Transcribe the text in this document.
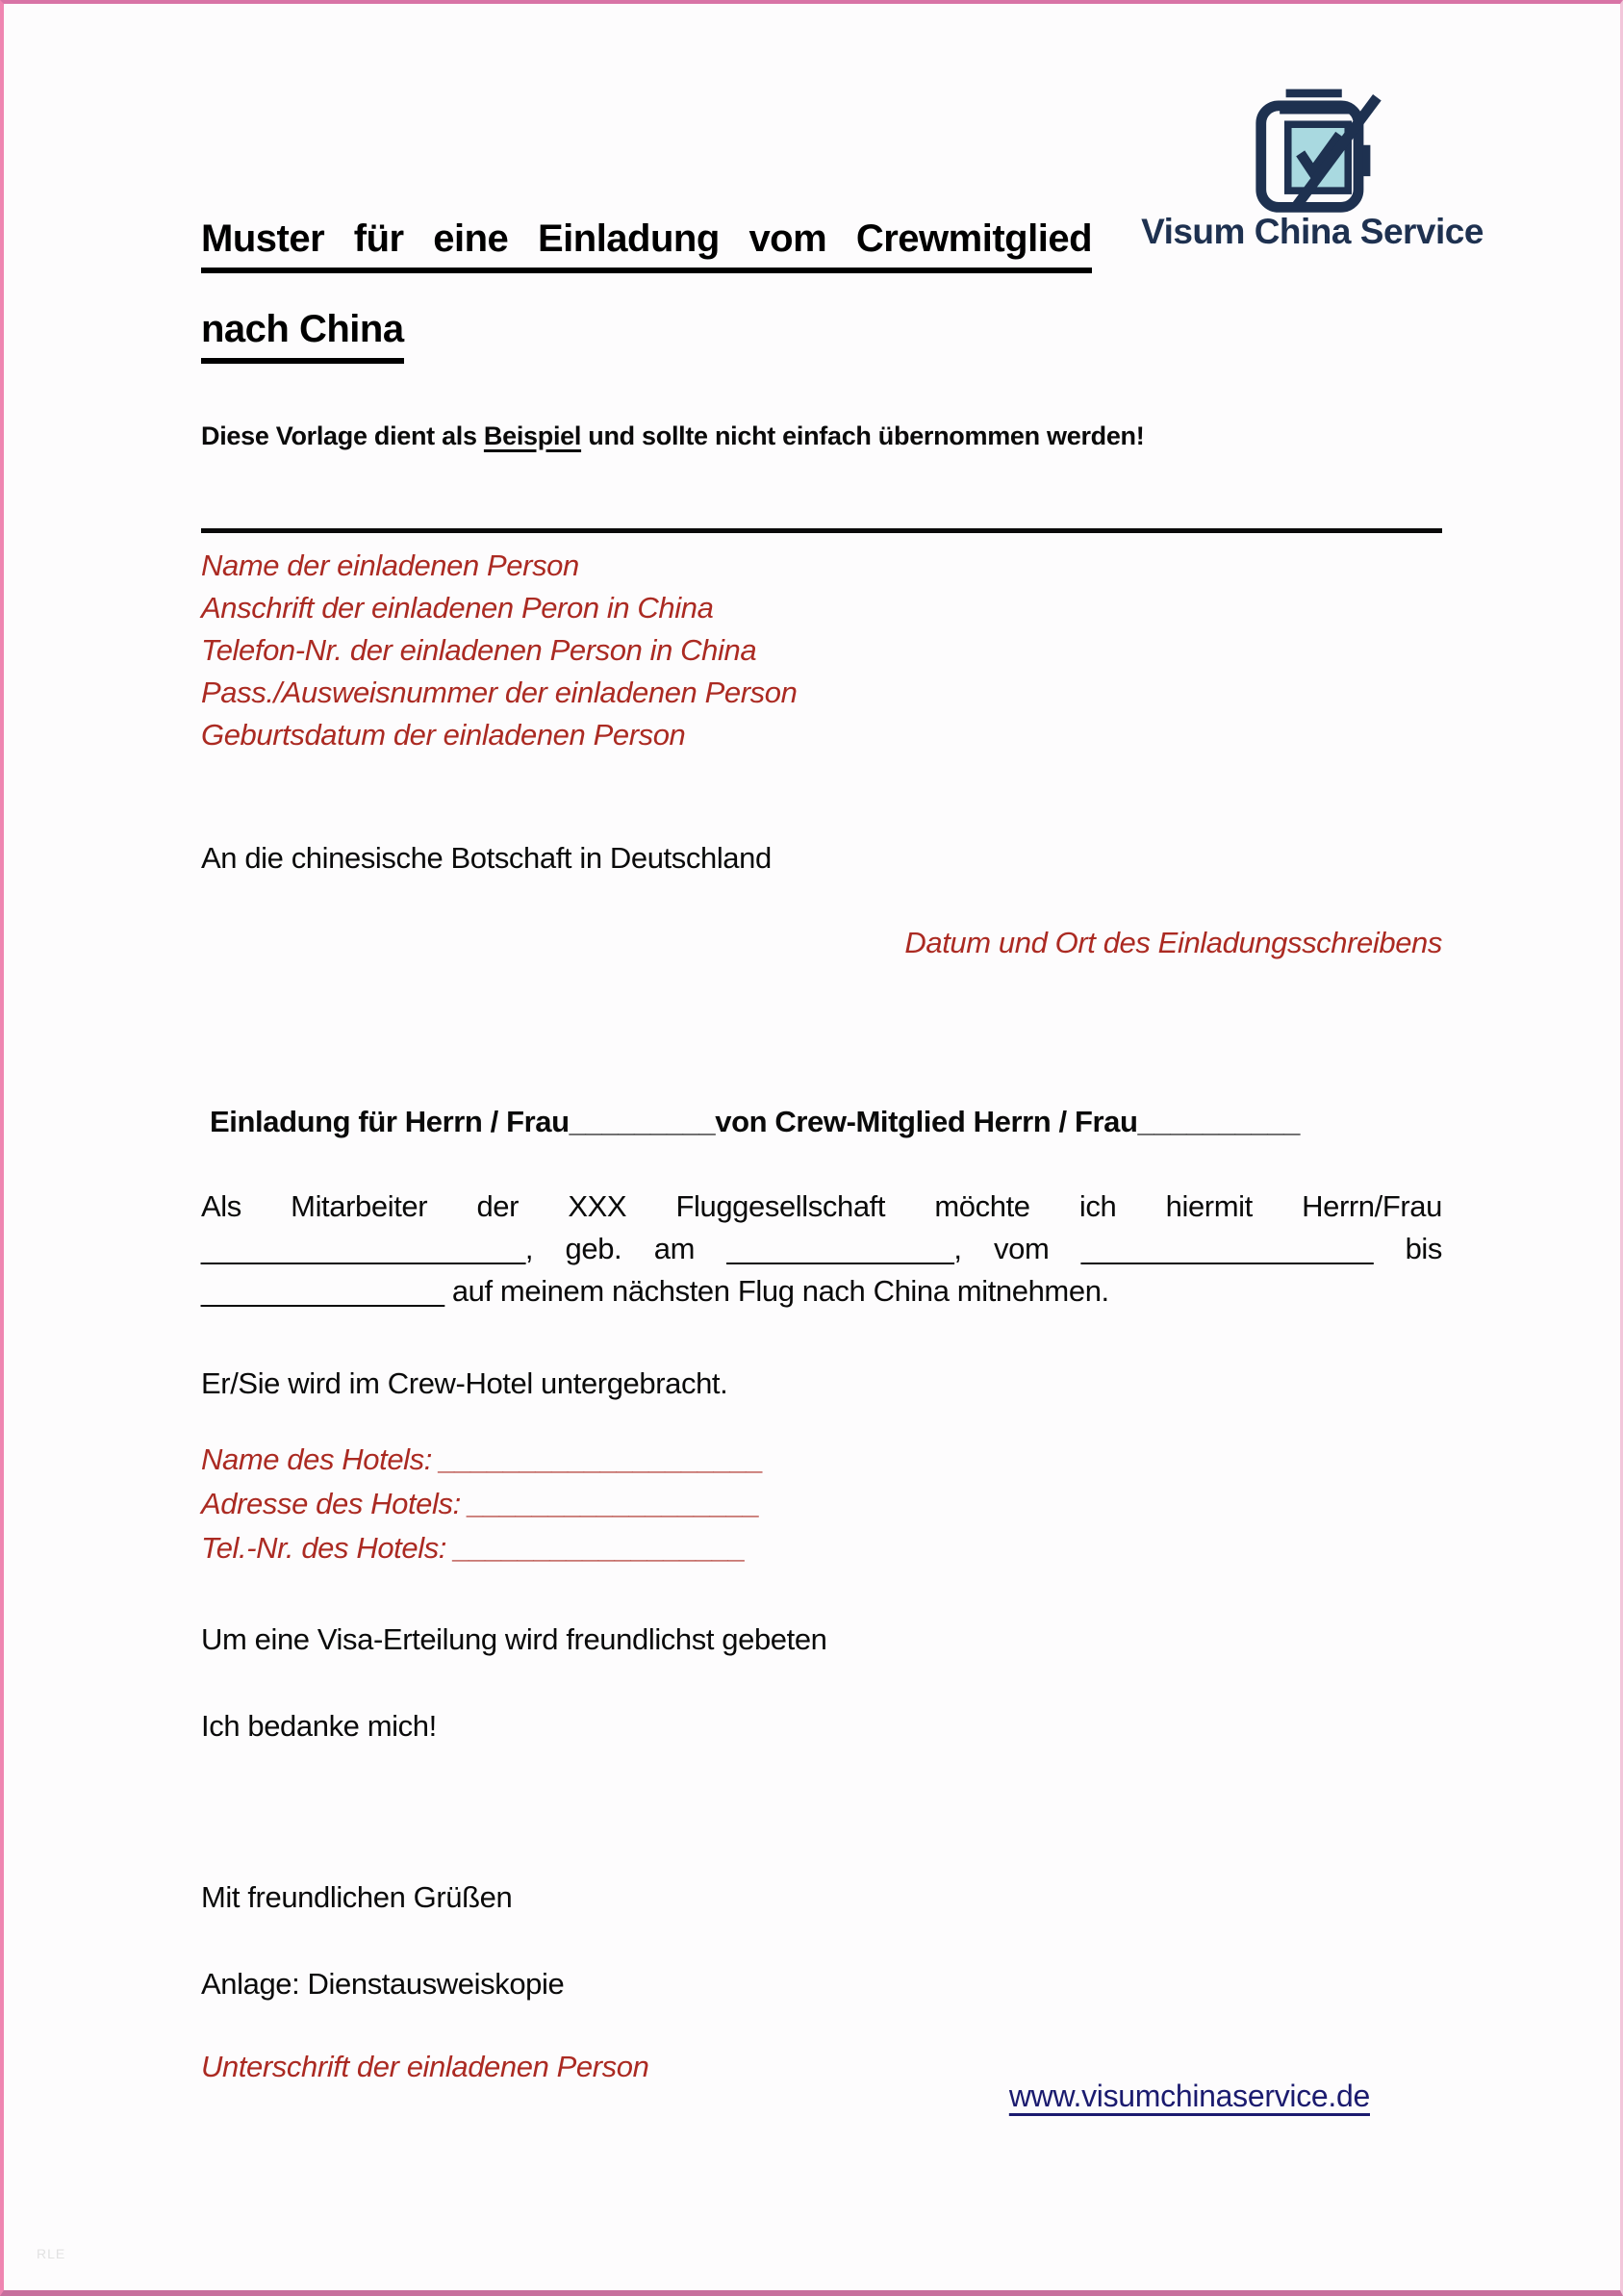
Visum China Service
Muster für eine Einladung vom Crewmitglied
nach China
Diese Vorlage dient als Beispiel und sollte nicht einfach übernommen werden!
Name der einladenen Person
Anschrift der einladenen Peron in China
Telefon-Nr. der einladenen Person in China
Pass./Ausweisnummer der einladenen Person
Geburtsdatum der einladenen Person
An die chinesische Botschaft in Deutschland
Datum und Ort des Einladungsschreibens
Einladung für Herrn / Frau_________von Crew-Mitglied Herrn / Frau__________
Als Mitarbeiter der XXX Fluggesellschaft möchte ich hiermit Herrn/Frau
____________________, geb. am ______________, vom __________________ bis
_______________ auf meinem nächsten Flug nach China mitnehmen.
Er/Sie wird im Crew-Hotel untergebracht.
Name des Hotels: ____________________
Adresse des Hotels: __________________
Tel.-Nr. des Hotels: __________________
Um eine Visa-Erteilung wird freundlichst gebeten
Ich bedanke mich!
Mit freundlichen Grüßen
Anlage: Dienstausweiskopie
Unterschrift der einladenen Person
www.visumchinaservice.de
RLE
